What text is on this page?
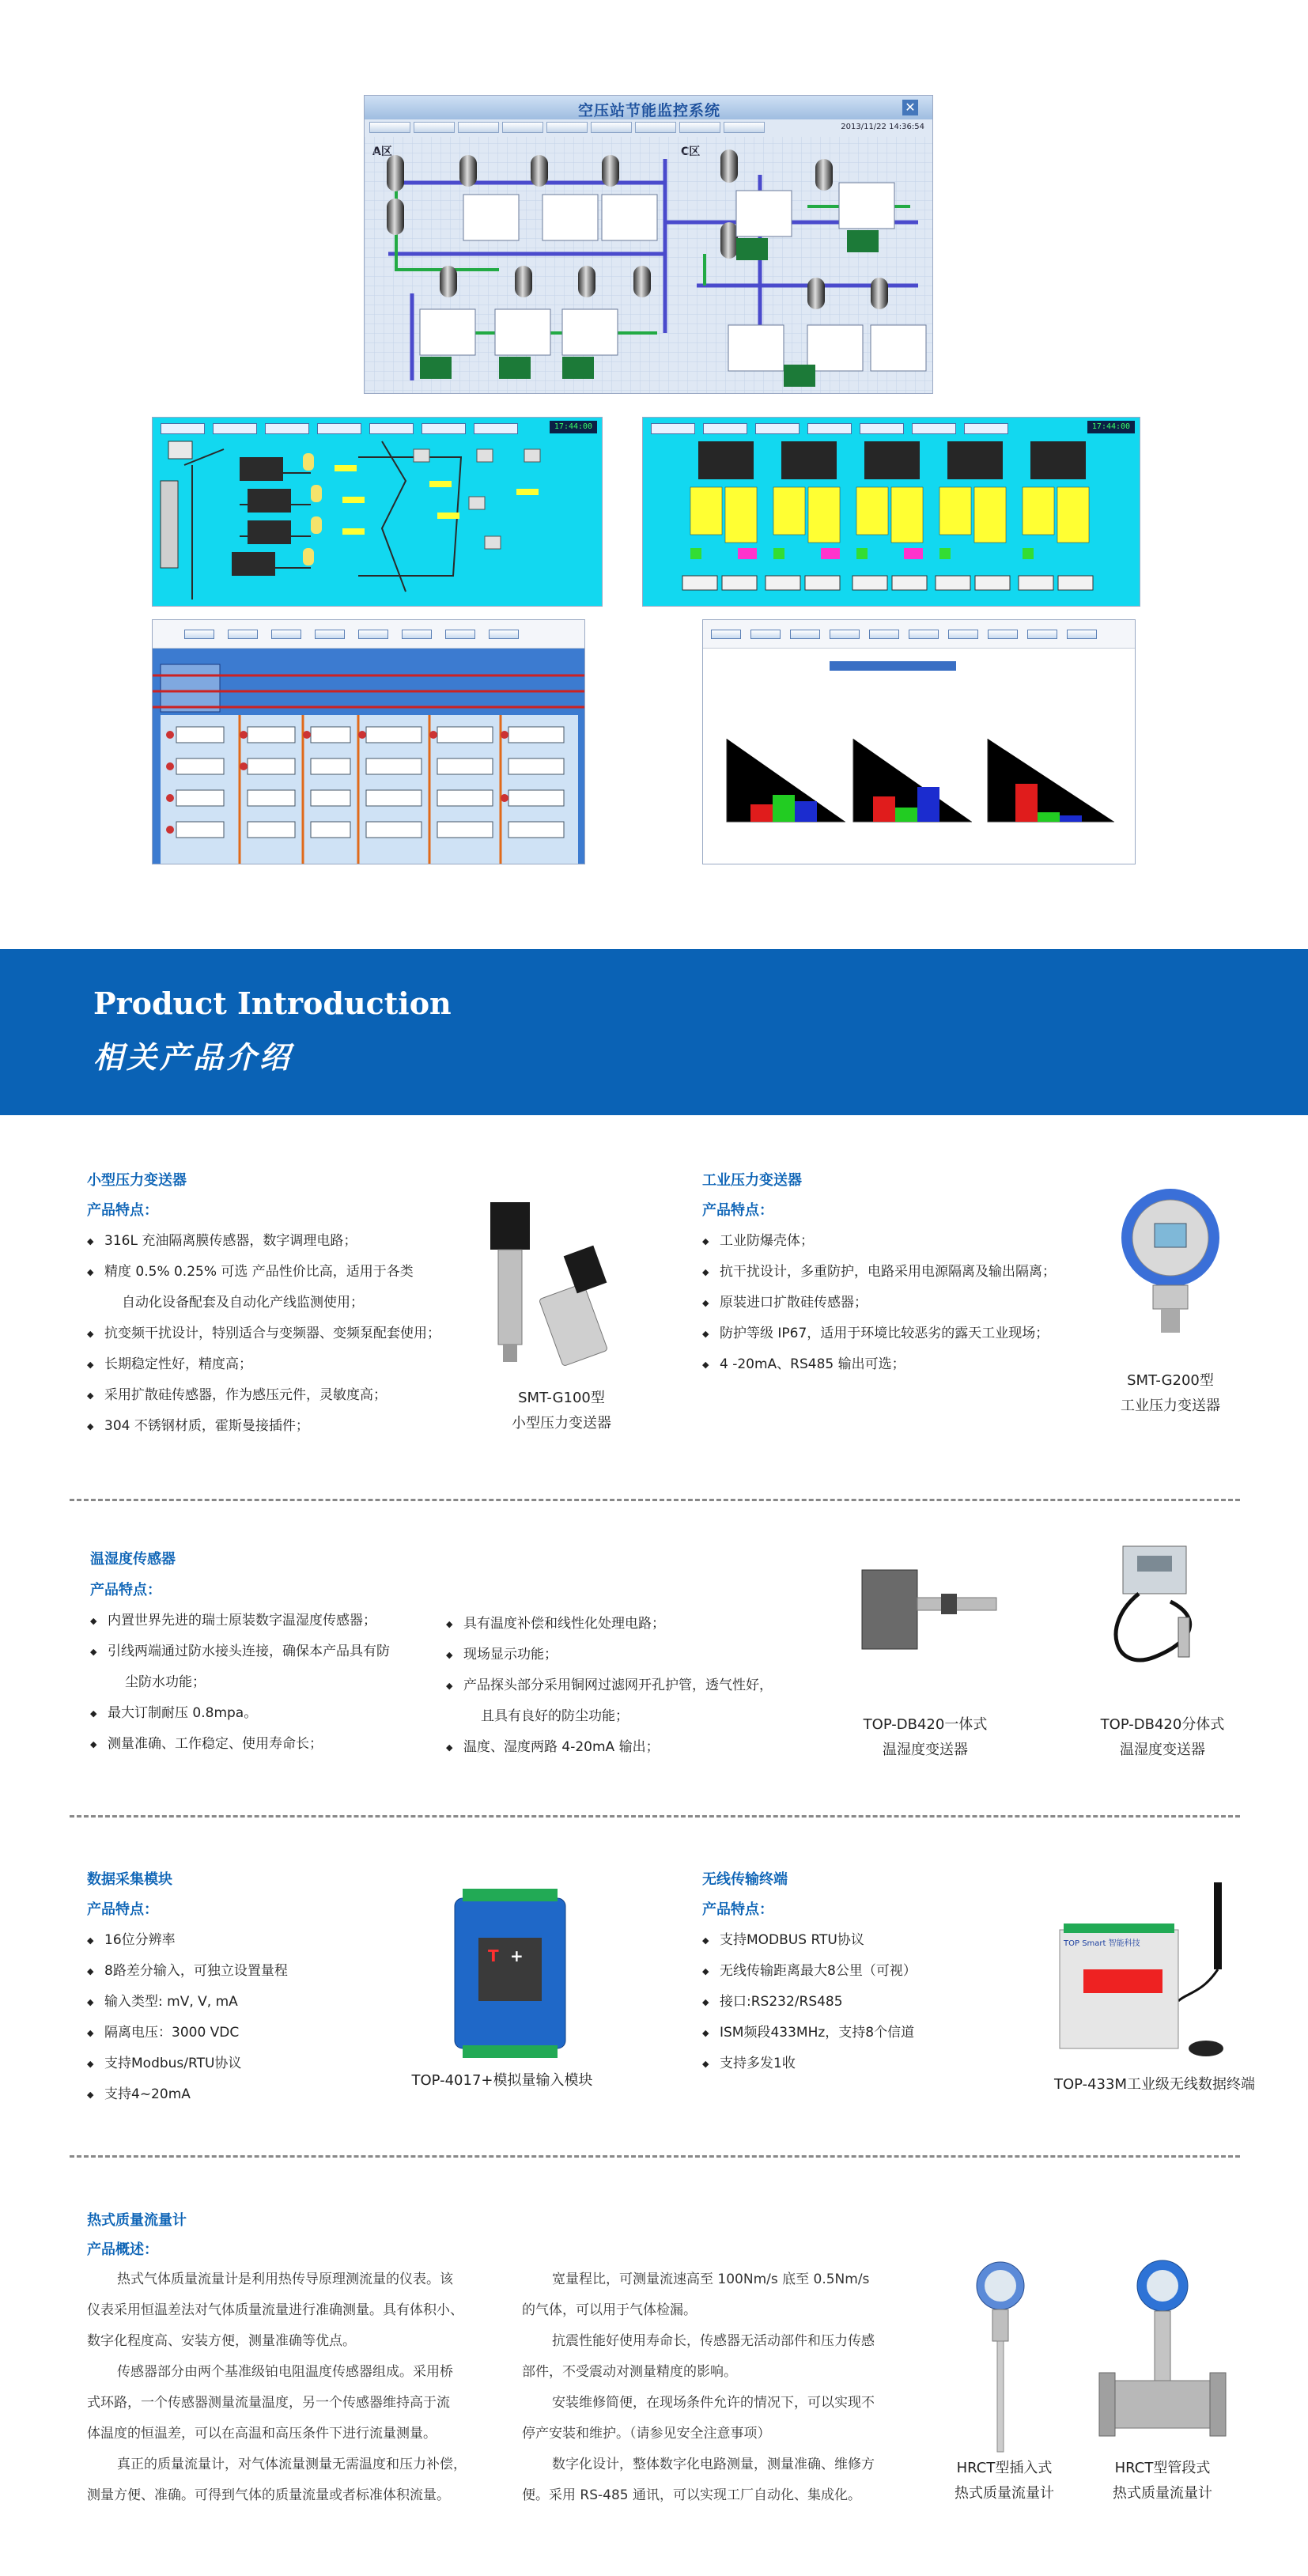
空压站节能监控系统	✕
2013/11/22 14:36:54
17:44:00	17:44:00
Product Introduction
相关产品介绍
小型压力变送器
产品特点：
◆ 316L 充油隔离膜传感器，数字调理电路；
◆ 精度 0.5% 0.25% 可选 产品性价比高，适用于各类
自动化设备配套及自动化产线监测使用；
◆ 抗变频干扰设计，特别适合与变频器、变频泵配套使用；
◆ 长期稳定性好，精度高；
◆ 采用扩散硅传感器，作为感压元件，灵敏度高；
◆ 304 不锈钢材质，霍斯曼接插件；
SMT-G100型
小型压力变送器
工业压力变送器
产品特点：
◆ 工业防爆壳体；
◆ 抗干扰设计，多重防护，电路采用电源隔离及输出隔离；
◆ 原装进口扩散硅传感器；
◆ 防护等级 IP67，适用于环境比较恶劣的露天工业现场；
◆ 4 -20mA、RS485 输出可选；
SMT-G200型
工业压力变送器
温湿度传感器
产品特点：
◆ 内置世界先进的瑞士原装数字温湿度传感器；
◆ 引线两端通过防水接头连接，确保本产品具有防
尘防水功能；
◆ 最大订制耐压 0.8mpa。
◆ 测量准确、工作稳定、使用寿命长；
◆ 具有温度补偿和线性化处理电路；
◆ 现场显示功能；
◆ 产品探头部分采用铜网过滤网开孔护管，透气性好，
且具有良好的防尘功能；
◆ 温度、湿度两路 4-20mA 输出；
TOP-DB420一体式
温湿度变送器
TOP-DB420分体式
温湿度变送器
数据采集模块
产品特点：
◆ 16位分辨率
◆ 8路差分输入，可独立设置量程
◆ 输入类型: mV, V, mA
◆ 隔离电压：3000 VDC
◆ 支持Modbus/RTU协议
◆ 支持4~20mA
T +
TOP-4017+模拟量输入模块
无线传输终端
产品特点：
◆ 支持MODBUS RTU协议
◆ 无线传输距离最大8公里（可视）
◆ 接口:RS232/RS485
◆ ISM频段433MHz，支持8个信道
◆ 支持多发1收
TOP Smart 智能科技
TOP-433M工业级无线数据终端
热式质量流量计
产品概述：

热式气体质量流量计是利用热传导原理测流量的仪表。该

仪表采用恒温差法对气体质量流量进行准确测量。具有体积小、

数字化程度高、安装方便，测量准确等优点。

传感器部分由两个基准级铂电阻温度传感器组成。采用桥

式环路，一个传感器测量流量温度，另一个传感器维持高于流

体温度的恒温差，可以在高温和高压条件下进行流量测量。

真正的质量流量计，对气体流量测量无需温度和压力补偿，

测量方便、准确。可得到气体的质量流量或者标准体积流量。

宽量程比，可测量流速高至 100Nm/s 底至 0.5Nm/s

的气体，可以用于气体检漏。

抗震性能好使用寿命长，传感器无活动部件和压力传感

部件，不受震动对测量精度的影响。

安装维修简便，在现场条件允许的情况下，可以实现不

停产安装和维护。（请参见安全注意事项）

数字化设计，整体数字化电路测量，测量准确、维修方

便。采用 RS-485 通讯，可以实现工厂自动化、集成化。

HRCT型插入式
热式质量流量计
HRCT型管段式
热式质量流量计
